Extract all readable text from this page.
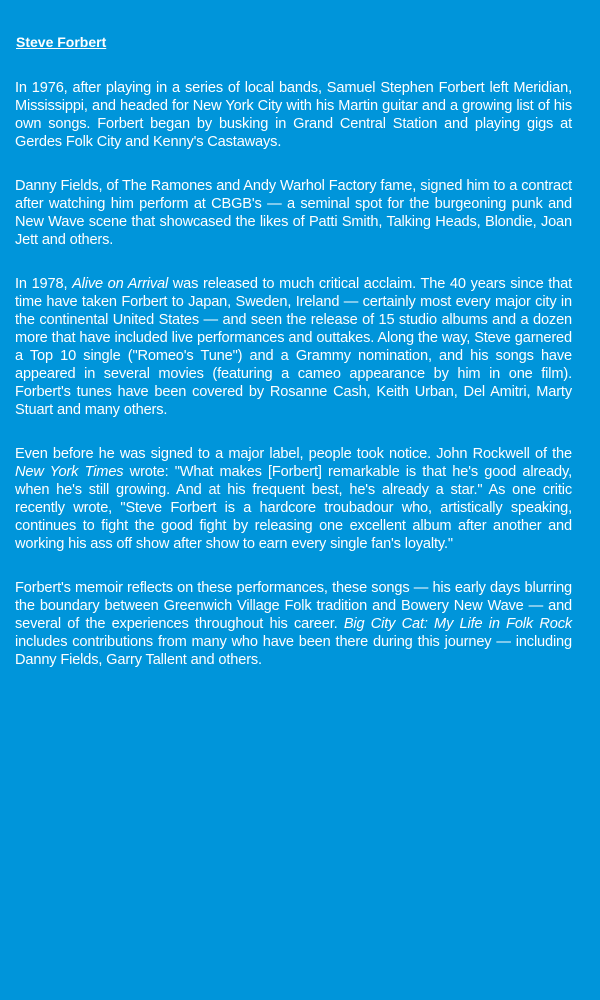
Steve Forbert

In 1976, after playing in a series of local bands, Samuel Stephen Forbert left Meridian, Mississippi, and headed for New York City with his Martin guitar and a growing list of his own songs. Forbert began by busking in Grand Central Station and playing gigs at Gerdes Folk City and Kenny's Castaways.

Danny Fields, of The Ramones and Andy Warhol Factory fame, signed him to a contract after watching him perform at CBGB's — a seminal spot for the burgeoning punk and New Wave scene that showcased the likes of Patti Smith, Talking Heads, Blondie, Joan Jett and others.

In 1978, Alive on Arrival was released to much critical acclaim. The 40 years since that time have taken Forbert to Japan, Sweden, Ireland — certainly most every major city in the continental United States — and seen the release of 15 studio albums and a dozen more that have included live performances and outtakes. Along the way, Steve garnered a Top 10 single ("Romeo's Tune") and a Grammy nomination, and his songs have appeared in several movies (featuring a cameo appearance by him in one film). Forbert's tunes have been covered by Rosanne Cash, Keith Urban, Del Amitri, Marty Stuart and many others.

Even before he was signed to a major label, people took notice. John Rockwell of the New York Times wrote: "What makes [Forbert] remarkable is that he's good already, when he's still growing. And at his frequent best, he's already a star." As one critic recently wrote, "Steve Forbert is a hardcore troubadour who, artistically speaking, continues to fight the good fight by releasing one excellent album after another and working his ass off show after show to earn every single fan's loyalty."

Forbert's memoir reflects on these performances, these songs — his early days blurring the boundary between Greenwich Village Folk tradition and Bowery New Wave — and several of the experiences throughout his career. Big City Cat: My Life in Folk Rock includes contributions from many who have been there during this journey — including Danny Fields, Garry Tallent and others.
